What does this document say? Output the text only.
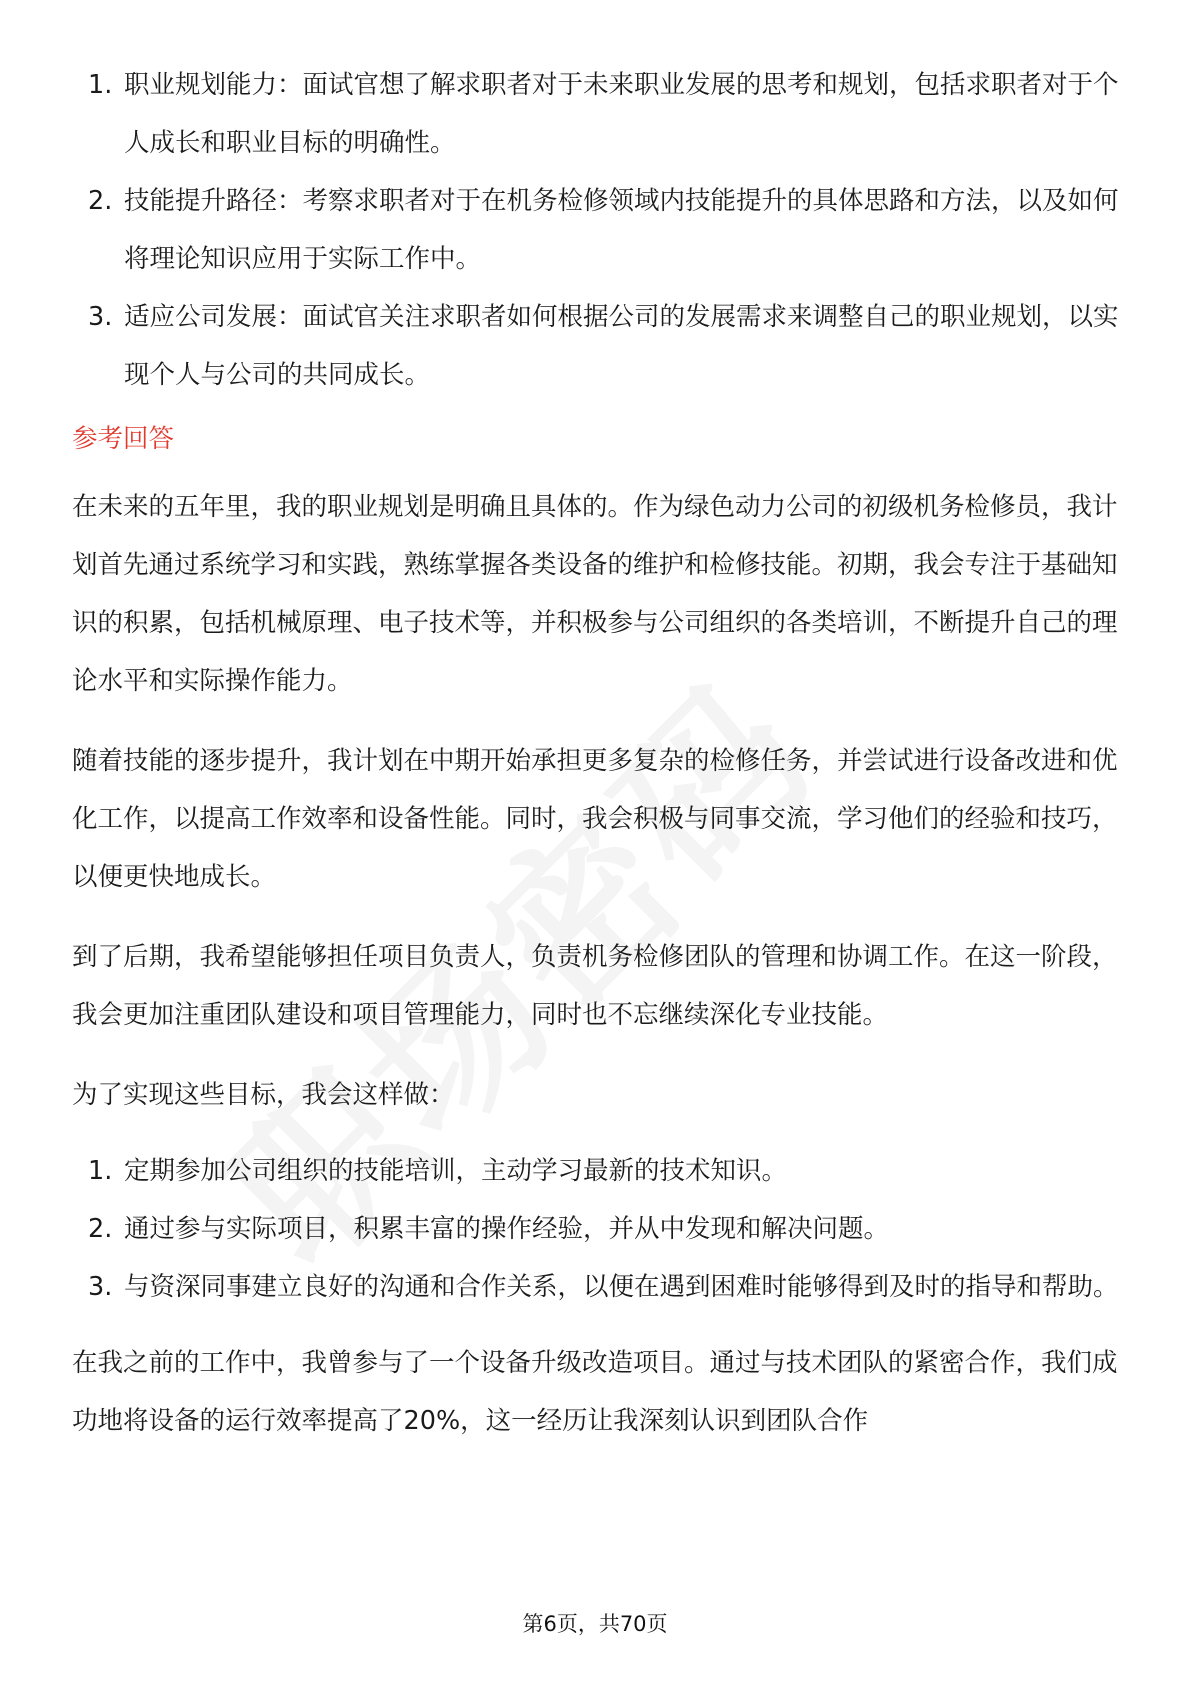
1. 职业规划能力：面试官想了解求职者对于未来职业发展的思考和规划，包括求职者对于个人成长和职业目标的明确性。
2. 技能提升路径：考察求职者对于在机务检修领域内技能提升的具体思路和方法，以及如何将理论知识应用于实际工作中。
3. 适应公司发展：面试官关注求职者如何根据公司的发展需求来调整自己的职业规划，以实现个人与公司的共同成长。
参考回答

在未来的五年里，我的职业规划是明确且具体的。作为绿色动力公司的初级机务检修员，我计划首先通过系统学习和实践，熟练掌握各类设备的维护和检修技能。初期，我会专注于基础知识的积累，包括机械原理、电子技术等，并积极参与公司组织的各类培训，不断提升自己的理论水平和实际操作能力。

随着技能的逐步提升，我计划在中期开始承担更多复杂的检修任务，并尝试进行设备改进和优化工作，以提高工作效率和设备性能。同时，我会积极与同事交流，学习他们的经验和技巧，以便更快地成长。

到了后期，我希望能够担任项目负责人，负责机务检修团队的管理和协调工作。在这一阶段，我会更加注重团队建设和项目管理能力，同时也不忘继续深化专业技能。

为了实现这些目标，我会这样做：

1. 定期参加公司组织的技能培训，主动学习最新的技术知识。
2. 通过参与实际项目，积累丰富的操作经验，并从中发现和解决问题。
3. 与资深同事建立良好的沟通和合作关系，以便在遇到困难时能够得到及时的指导和帮助。

在我之前的工作中，我曾参与了一个设备升级改造项目。通过与技术团队的紧密合作，我们成功地将设备的运行效率提高了20%，这一经历让我深刻认识到团队合作

第6页，共70页
